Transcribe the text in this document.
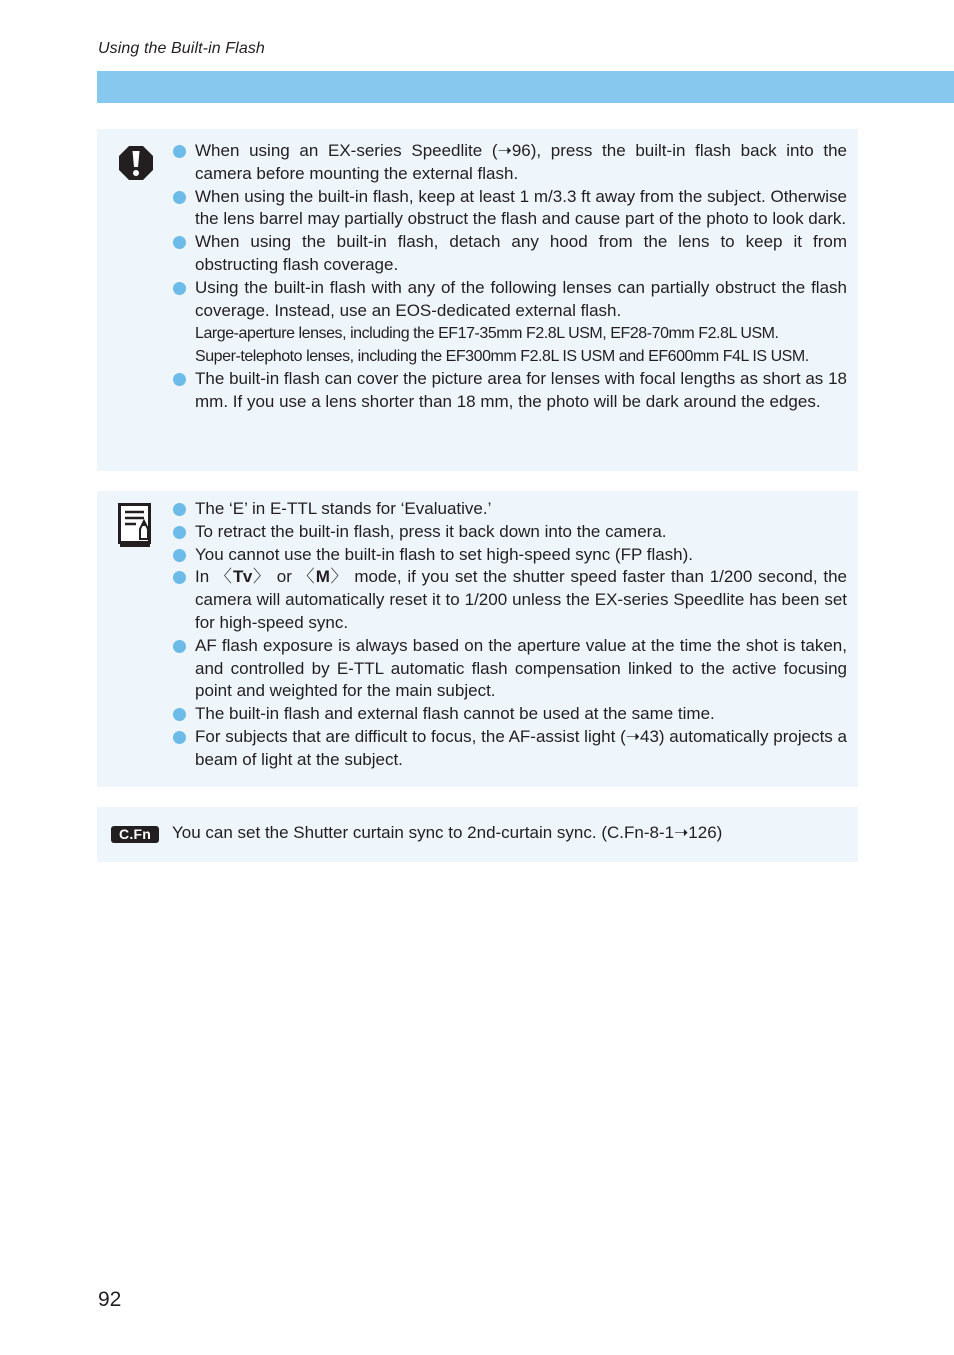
Using the Built-in Flash
When using an EX-series Speedlite (➝96), press the built-in flash back into the camera before mounting the external flash.
When using the built-in flash, keep at least 1 m/3.3 ft away from the subject. Otherwise the lens barrel may partially obstruct the flash and cause part of the photo to look dark.
When using the built-in flash, detach any hood from the lens to keep it from obstructing flash coverage.
Using the built-in flash with any of the following lenses can partially obstruct the flash coverage. Instead, use an EOS-dedicated external flash.
Large-aperture lenses, including the EF17-35mm F2.8L USM, EF28-70mm F2.8L USM.
Super-telephoto lenses, including the EF300mm F2.8L IS USM and EF600mm F4L IS USM.
The built-in flash can cover the picture area for lenses with focal lengths as short as 18 mm. If you use a lens shorter than 18 mm, the photo will be dark around the edges.
The ‘E’ in E-TTL stands for ‘Evaluative.’
To retract the built-in flash, press it back down into the camera.
You cannot use the built-in flash to set high-speed sync (FP flash).
In 〈Tv〉 or 〈M〉 mode, if you set the shutter speed faster than 1/200 second, the camera will automatically reset it to 1/200 unless the EX-series Speedlite has been set for high-speed sync.
AF flash exposure is always based on the aperture value at the time the shot is taken, and controlled by E-TTL automatic flash compensation linked to the active focusing point and weighted for the main subject.
The built-in flash and external flash cannot be used at the same time.
For subjects that are difficult to focus, the AF-assist light (➝43) automatically projects a beam of light at the subject.
C.Fn	You can set the Shutter curtain sync to 2nd-curtain sync. (C.Fn-8-1➝126)
92
